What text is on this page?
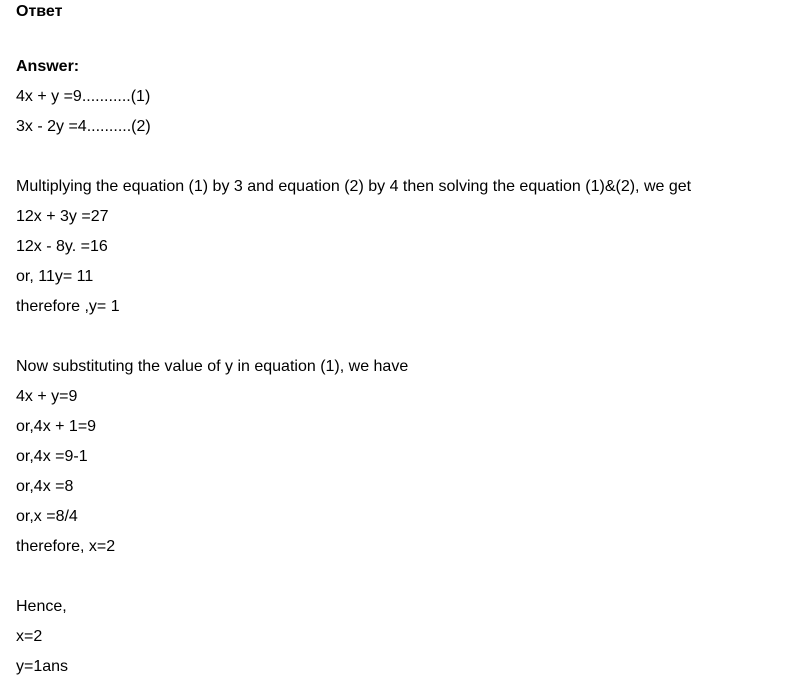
Ответ
Answer:
4x + y =9...........(1)
3x - 2y =4..........(2)
Multiplying the equation (1) by 3 and equation (2) by 4 then solving the equation (1)&(2), we get
12x + 3y =27
12x - 8y. =16
or, 11y= 11
therefore ,y= 1
Now substituting the value of y in equation (1), we have
4x + y=9
or,4x + 1=9
or,4x =9-1
or,4x =8
or,x =8/4
therefore, x=2
Hence,
x=2
y=1ans
